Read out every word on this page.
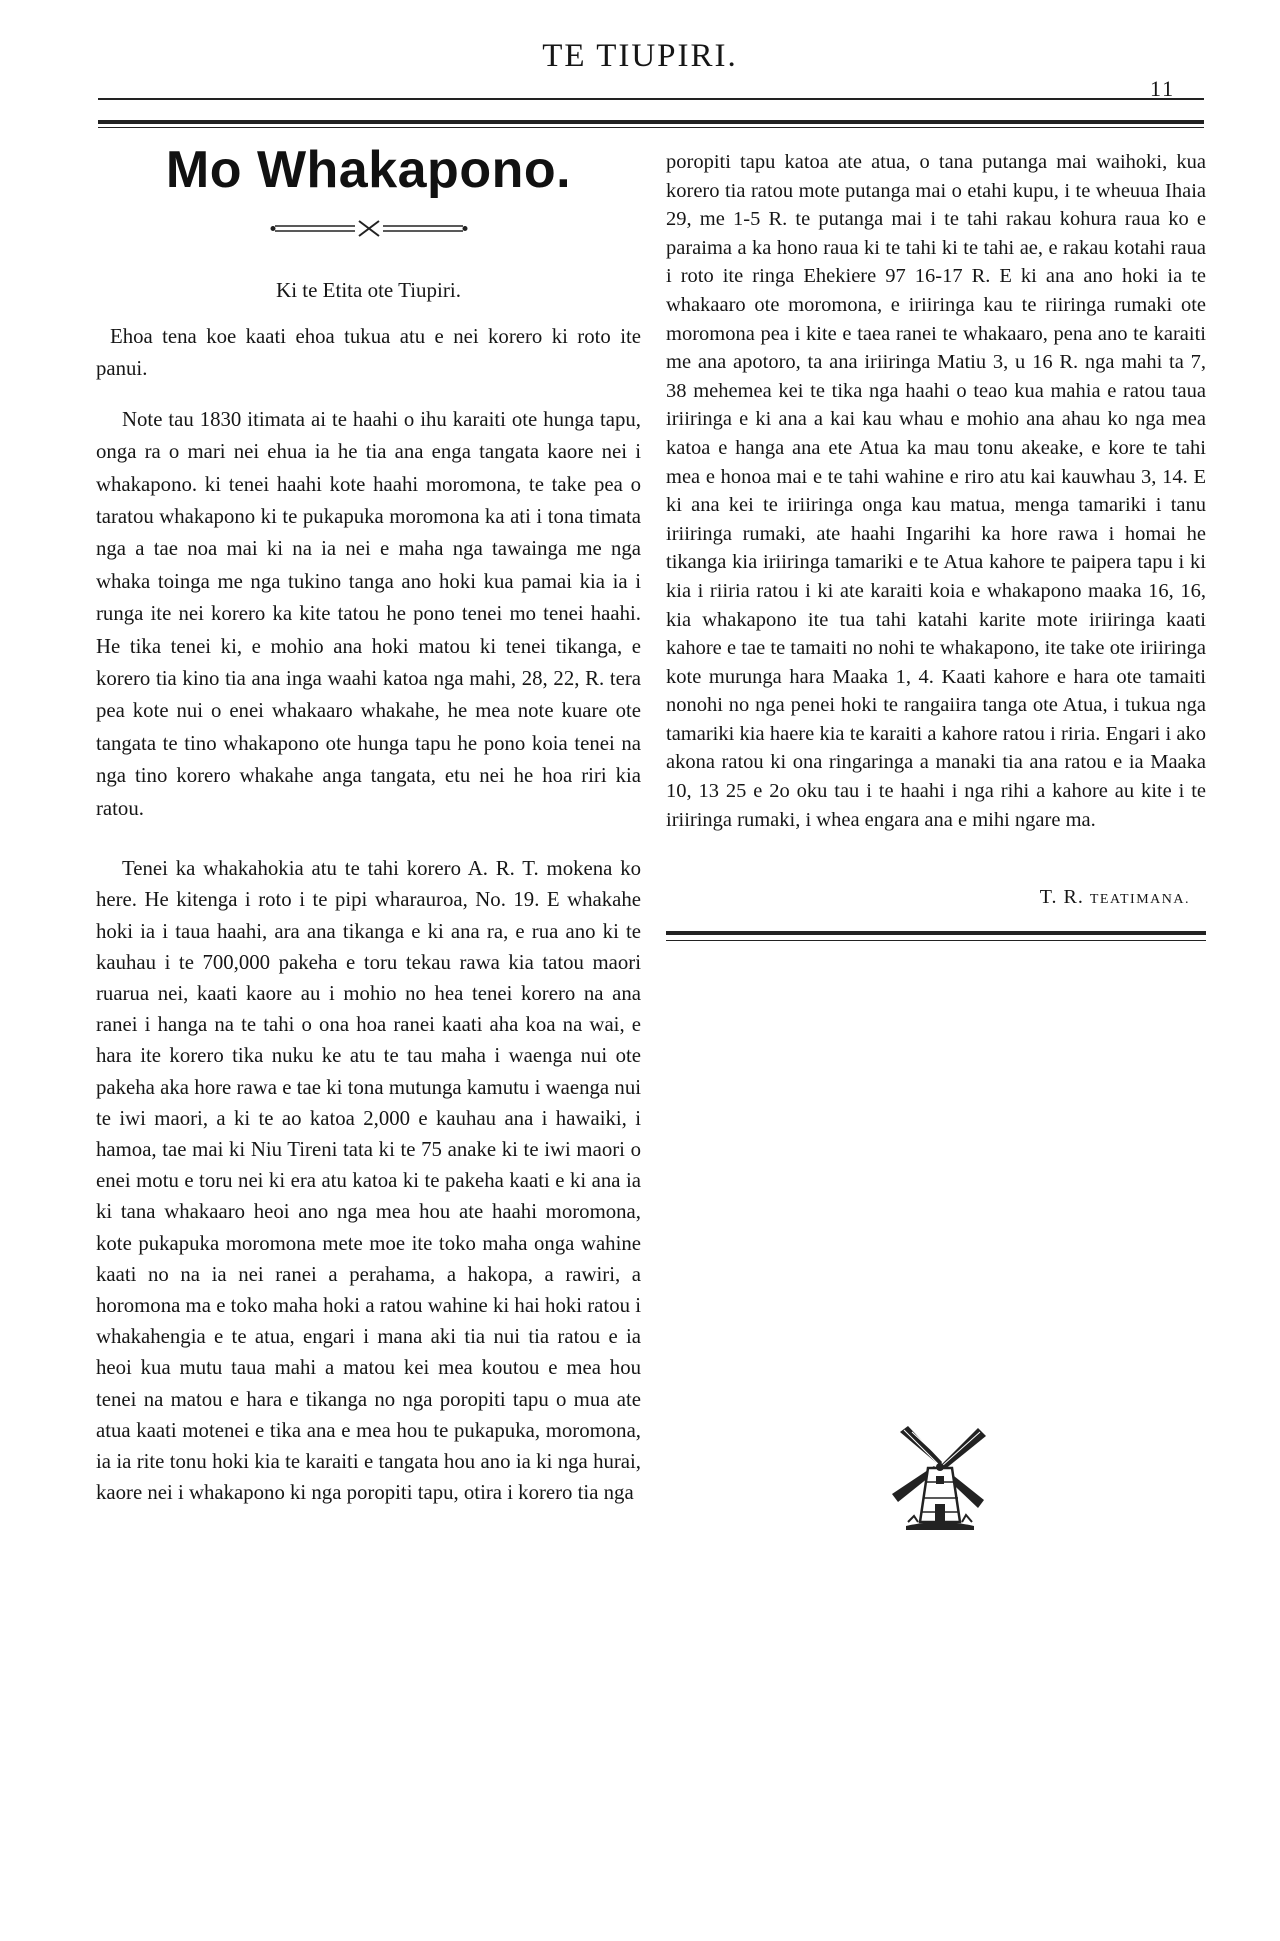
TE TIUPIRI.
11
Mo Whakapono.
Ki te Etita ote Tiupiri.

Ehoa tena koe kaati ehoa tukua atu e nei korero ki roto ite panui.

Note tau 1830 itimata ai te haahi o ihu karaiti ote hunga tapu, onga ra o mari nei ehua ia he tia ana enga tangata kaore nei i whakapono. ki tenei haahi kote haahi moromona, te take pea o taratou whakapono ki te pukapuka moromona ka ati i tona timata nga a tae noa mai ki na ia nei e maha nga tawainga me nga whaka toinga me nga tukino tanga ano hoki kua pamai kia ia i runga ite nei korero ka kite tatou he pono tenei mo tenei haahi. He tika tenei ki, e mohio ana hoki matou ki tenei tikanga, e korero tia kino tia ana inga waahi katoa nga mahi, 28, 22, R. tera pea kote nui o enei whakaaro whakahe, he mea note kuare ote tangata te tino whakapono ote hunga tapu he pono koia tenei na nga tino korero whakahe anga tangata, etu nei he hoa riri kia ratou.

Tenei ka whakahokia atu te tahi korero A. R. T. mokena ko here. He kitenga i roto i te pipi wharauroa, No. 19. E whakahe hoki ia i taua haahi, ara ana tikanga e ki ana ra, e rua ano ki te kauhau i te 700,000 pakeha e toru tekau rawa kia tatou maori ruarua nei, kaati kaore au i mohio no hea tenei korero na ana ranei i hanga na te tahi o ona hoa ranei kaati aha koa na wai, e hara ite korero tika nuku ke atu te tau maha i waenga nui ote pakeha aka hore rawa e tae ki tona mutunga kamutu i waenga nui te iwi maori, a ki te ao katoa 2,000 e kauhau ana i hawaiki, i hamoa, tae mai ki Niu Tireni tata ki te 75 anake ki te iwi maori o enei motu e toru nei ki era atu katoa ki te pakeha kaati e ki ana ia ki tana whakaaro heoi ano nga mea hou ate haahi moromona, kote pukapuka moromona mete moe ite toko maha onga wahine kaati no na ia nei ranei a perahama, a hakopa, a rawiri, a horomona ma e toko maha hoki a ratou wahine ki hai hoki ratou i whakahengia e te atua, engari i mana aki tia nui tia ratou e ia heoi kua mutu taua mahi a matou kei mea koutou e mea hou tenei na matou e hara e tikanga no nga poropiti tapu o mua ate atua kaati motenei e tika ana e mea hou te pukapuka, moromona, ia ia rite tonu hoki kia te karaiti e tangata hou ano ia ki nga hurai, kaore nei i whakapono ki nga poropiti tapu, otira i korero tia nga

poropiti tapu katoa ate atua, o tana putanga mai waihoki, kua korero tia ratou mote putanga mai o etahi kupu, i te wheuua Ihaia 29, me 1-5 R. te putanga mai i te tahi rakau kohura raua ko e paraima a ka hono raua ki te tahi ki te tahi ae, e rakau kotahi raua i roto ite ringa Ehekiere 97 16-17 R. E ki ana ano hoki ia te whakaaro ote moromona, e iriiringa kau te riiringa rumaki ote moromona pea i kite e taea ranei te whakaaro, pena ano te karaiti me ana apotoro, ta ana iriiringa Matiu 3, u 16 R. nga mahi ta 7, 38 mehemea kei te tika nga haahi o teao kua mahia e ratou taua iriiringa e ki ana a kai kau whau e mohio ana ahau ko nga mea katoa e hanga ana ete Atua ka mau tonu akeake, e kore te tahi mea e honoa mai e te tahi wahine e riro atu kai kauwhau 3, 14. E ki ana kei te iriiringa onga kau matua, menga tamariki i tanu iriiringa rumaki, ate haahi Ingarihi ka hore rawa i homai he tikanga kia iriiringa tamariki e te Atua kahore te paipera tapu i ki kia i riiria ratou i ki ate karaiti koia e whakapono maaka 16, 16, kia whakapono ite tua tahi katahi karite mote iriiringa kaati kahore e tae te tamaiti no nohi te whakapono, ite take ote iriiringa kote murunga hara Maaka 1, 4. Kaati kahore e hara ote tamaiti nonohi no nga penei hoki te rangaiira tanga ote Atua, i tukua nga tamariki kia haere kia te karaiti a kahore ratou i riria. Engari i ako akona ratou ki ona ringaringa a manaki tia ana ratou e ia Maaka 10, 13 25 e 2o oku tau i te haahi i nga rihi a kahore au kite i te iriiringa rumaki, i whea engara ana e mihi ngare ma.

T. R. TEATIMANA.
